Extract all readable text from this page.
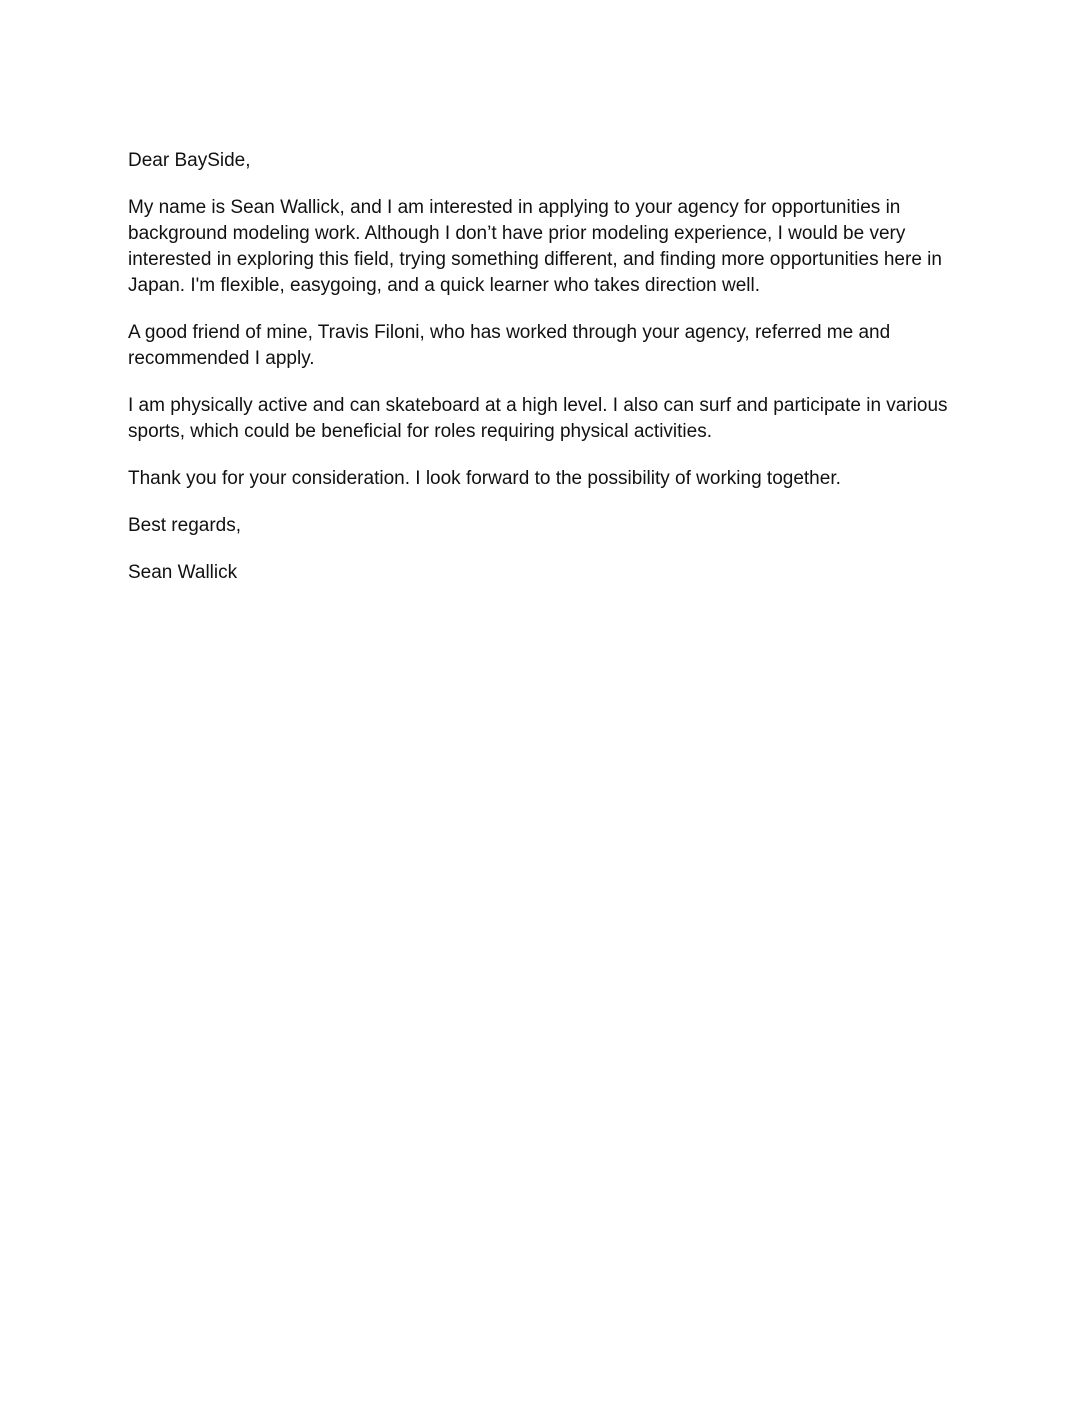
Dear BaySide,

My name is Sean Wallick, and I am interested in applying to your agency for opportunities in background modeling work. Although I don’t have prior modeling experience, I would be very interested in exploring this field, trying something different, and finding more opportunities here in Japan. I'm flexible, easygoing, and a quick learner who takes direction well.

A good friend of mine, Travis Filoni, who has worked through your agency, referred me and recommended I apply.

I am physically active and can skateboard at a high level. I also can surf and participate in various sports, which could be beneficial for roles requiring physical activities.

Thank you for your consideration. I look forward to the possibility of working together.

Best regards,

Sean Wallick
